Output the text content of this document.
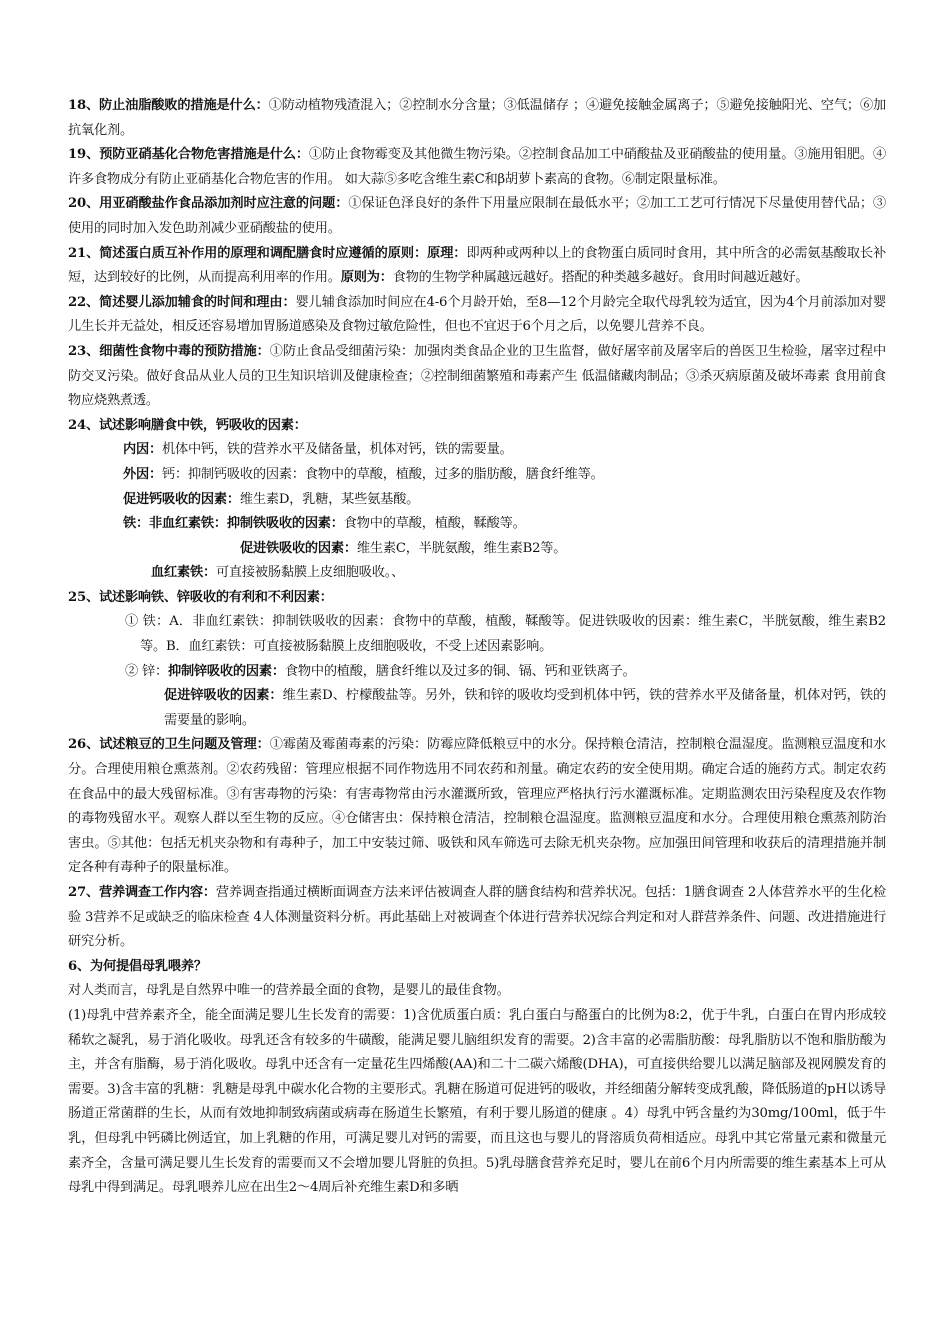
18、防止油脂酸败的措施是什么：①防动植物残渣混入；②控制水分含量；③低温储存 ；④避免接触金属离子；⑤避免接触阳光、空气；⑥加抗氧化剂。

19、预防亚硝基化合物危害措施是什么：①防止食物霉变及其他微生物污染。②控制食品加工中硝酸盐及亚硝酸盐的使用量。③施用钼肥。④许多食物成分有防止亚硝基化合物危害的作用。 如大蒜⑤多吃含维生素C和β胡萝卜素高的食物。⑥制定限量标准。

20、用亚硝酸盐作食品添加剂时应注意的问题：①保证色泽良好的条件下用量应限制在最低水平；②加工工艺可行情况下尽量使用替代品；③使用的同时加入发色助剂减少亚硝酸盐的使用。

21、简述蛋白质互补作用的原理和调配膳食时应遵循的原则：原理：即两种或两种以上的食物蛋白质同时食用，其中所含的必需氨基酸取长补短，达到较好的比例，从而提高利用率的作用。原则为：食物的生物学种属越远越好。搭配的种类越多越好。食用时间越近越好。

22、简述婴儿添加辅食的时间和理由：婴儿辅食添加时间应在4-6个月龄开始，至8—12个月龄完全取代母乳较为适宜，因为4个月前添加对婴儿生长并无益处，相反还容易增加胃肠道感染及食物过敏危险性，但也不宜迟于6个月之后，以免婴儿营养不良。

23、细菌性食物中毒的预防措施：①防止食品受细菌污染：加强肉类食品企业的卫生监督，做好屠宰前及屠宰后的兽医卫生检验，屠宰过程中防交叉污染。做好食品从业人员的卫生知识培训及健康检查；②控制细菌繁殖和毒素产生 低温储藏肉制品；③杀灭病原菌及破坏毒素 食用前食物应烧熟煮透。

24、试述影响膳食中铁，钙吸收的因素：

内因：机体中钙，铁的营养水平及储备量，机体对钙，铁的需要量。

外因：钙：抑制钙吸收的因素：食物中的草酸，植酸，过多的脂肪酸，膳食纤维等。

促进钙吸收的因素：维生素D，乳糖，某些氨基酸。

铁：非血红素铁：抑制铁吸收的因素：食物中的草酸，植酸，鞣酸等。

促进铁吸收的因素：维生素C，半胱氨酸，维生素B2等。

血红素铁：可直接被肠黏膜上皮细胞吸收。、

25、试述影响铁、锌吸收的有利和不利因素：

① 铁：A．非血红素铁：抑制铁吸收的因素：食物中的草酸，植酸，鞣酸等。促进铁吸收的因素：维生素C，半胱氨酸，维生素B2等。B．血红素铁：可直接被肠黏膜上皮细胞吸收，不受上述因素影响。

② 锌：抑制锌吸收的因素：食物中的植酸，膳食纤维以及过多的铜、镉、钙和亚铁离子。

促进锌吸收的因素：维生素D、柠檬酸盐等。另外，铁和锌的吸收均受到机体中钙，铁的营养水平及储备量，机体对钙，铁的需要量的影响。

26、试述粮豆的卫生问题及管理：①霉菌及霉菌毒素的污染：防霉应降低粮豆中的水分。保持粮仓清洁，控制粮仓温湿度。监测粮豆温度和水分。合理使用粮仓熏蒸剂。②农药残留：管理应根据不同作物选用不同农药和剂量。确定农药的安全使用期。确定合适的施药方式。制定农药在食品中的最大残留标准。③有害毒物的污染：有害毒物常由污水灌溉所致，管理应严格执行污水灌溉标准。定期监测农田污染程度及农作物的毒物残留水平。观察人群以至生物的反应。④仓储害虫：保持粮仓清洁，控制粮仓温湿度。监测粮豆温度和水分。合理使用粮仓熏蒸剂防治害虫。⑤其他：包括无机夹杂物和有毒种子，加工中安装过筛、吸铁和风车筛选可去除无机夹杂物。应加强田间管理和收获后的清理措施并制定各种有毒种子的限量标准。

27、营养调查工作内容：营养调查指通过横断面调查方法来评估被调查人群的膳食结构和营养状况。包括：1膳食调查 2人体营养水平的生化检验 3营养不足或缺乏的临床检查 4人体测量资料分析。再此基础上对被调查个体进行营养状况综合判定和对人群营养条件、问题、改进措施进行研究分析。

6、为何提倡母乳喂养？

对人类而言，母乳是自然界中唯一的营养最全面的食物，是婴儿的最佳食物。

(1)母乳中营养素齐全，能全面满足婴儿生长发育的需要：1)含优质蛋白质：乳白蛋白与酪蛋白的比例为8:2，优于牛乳，白蛋白在胃内形成较稀软之凝乳，易于消化吸收。母乳还含有较多的牛磺酸，能满足婴儿脑组织发育的需要。2)含丰富的必需脂肪酸：母乳脂肪以不饱和脂肪酸为主，并含有脂酶，易于消化吸收。母乳中还含有一定量花生四烯酸(AA)和二十二碳六烯酸(DHA)，可直接供给婴儿以满足脑部及视网膜发育的需要。3)含丰富的乳糖：乳糖是母乳中碳水化合物的主要形式。乳糖在肠道可促进钙的吸收，并经细菌分解转变成乳酸，降低肠道的pH以诱导肠道正常菌群的生长，从而有效地抑制致病菌或病毒在肠道生长繁殖，有利于婴儿肠道的健康 。4）母乳中钙含量约为30mg/100ml，低于牛乳，但母乳中钙磷比例适宜，加上乳糖的作用，可满足婴儿对钙的需要，而且这也与婴儿的肾溶质负荷相适应。母乳中其它常量元素和微量元素齐全，含量可满足婴儿生长发育的需要而又不会增加婴儿肾脏的负担。5)乳母膳食营养充足时，婴儿在前6个月内所需要的维生素基本上可从母乳中得到满足。母乳喂养儿应在出生2～4周后补充维生素D和多晒
